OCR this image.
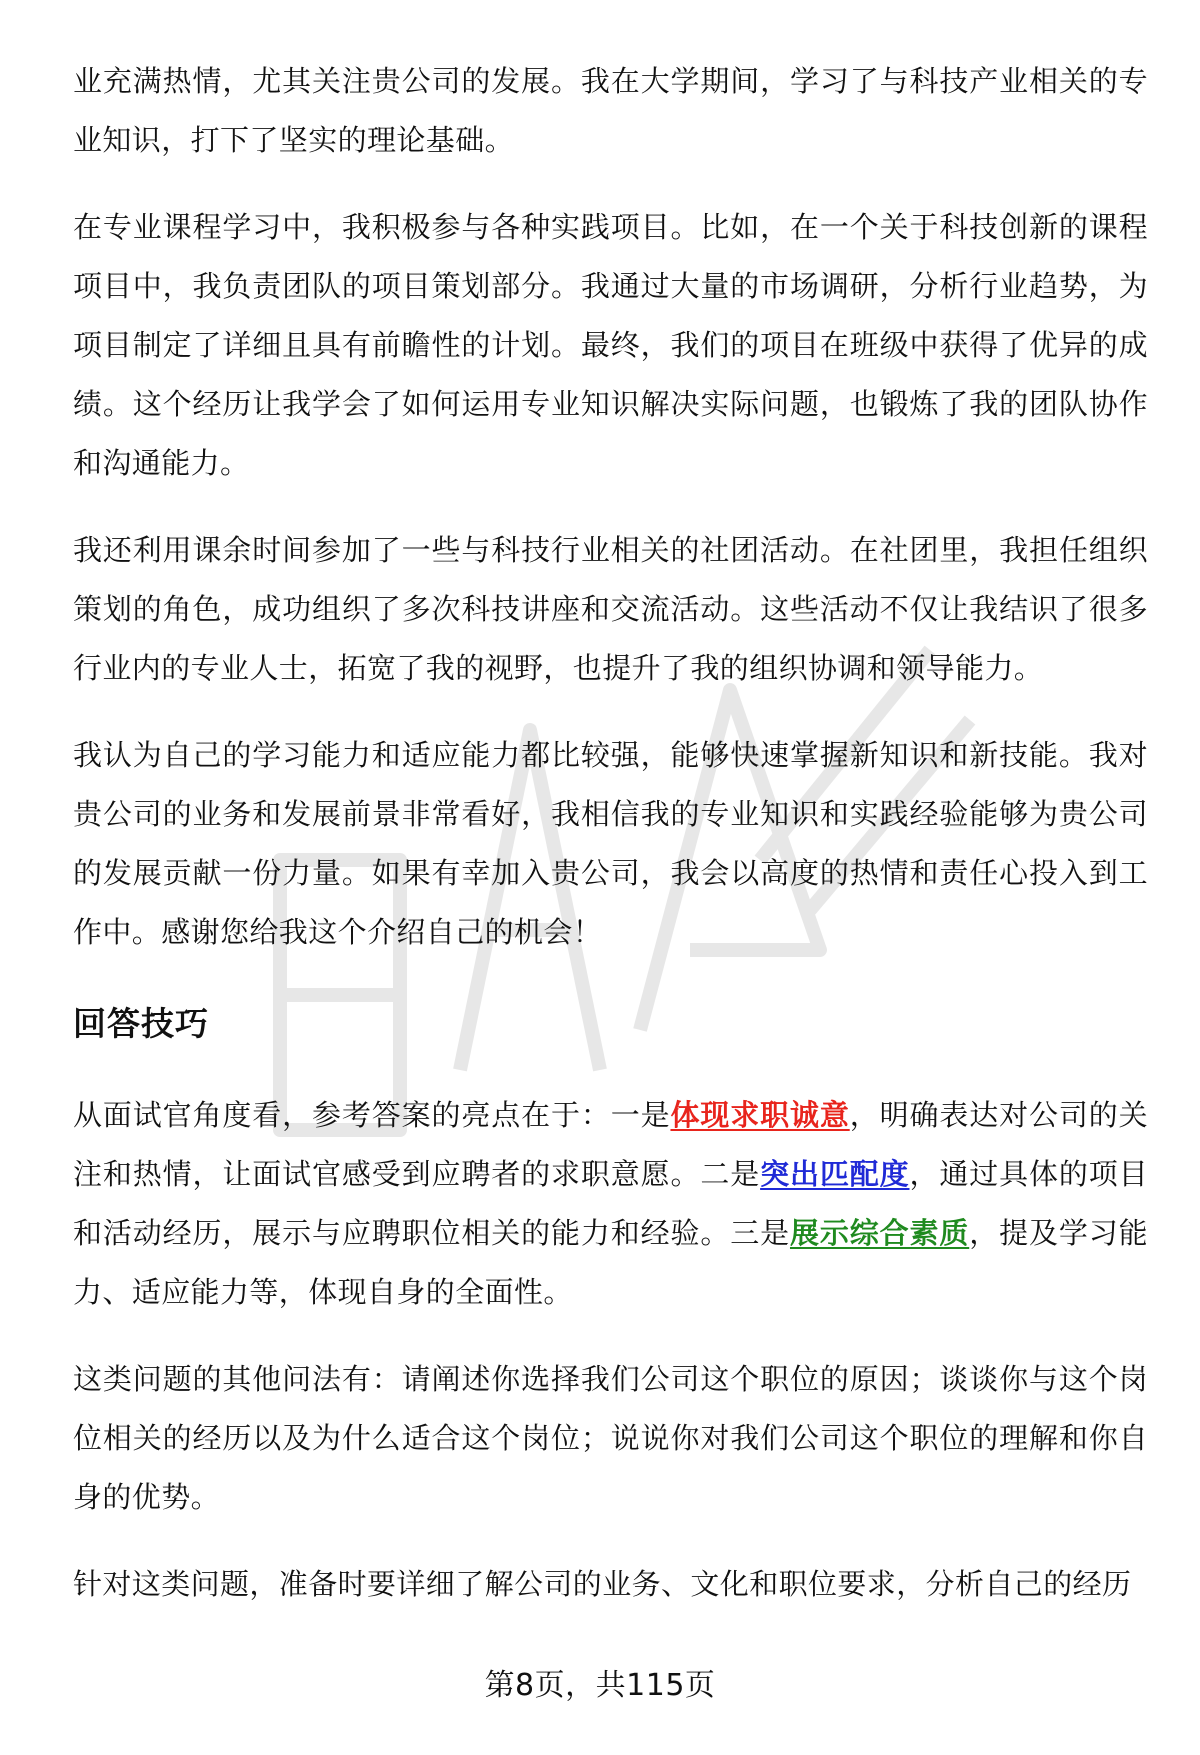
业充满热情，尤其关注贵公司的发展。我在大学期间，学习了与科技产业相关的专业知识，打下了坚实的理论基础。

在专业课程学习中，我积极参与各种实践项目。比如，在一个关于科技创新的课程项目中，我负责团队的项目策划部分。我通过大量的市场调研，分析行业趋势，为项目制定了详细且具有前瞻性的计划。最终，我们的项目在班级中获得了优异的成绩。这个经历让我学会了如何运用专业知识解决实际问题，也锻炼了我的团队协作和沟通能力。

我还利用课余时间参加了一些与科技行业相关的社团活动。在社团里，我担任组织策划的角色，成功组织了多次科技讲座和交流活动。这些活动不仅让我结识了很多行业内的专业人士，拓宽了我的视野，也提升了我的组织协调和领导能力。

我认为自己的学习能力和适应能力都比较强，能够快速掌握新知识和新技能。我对贵公司的业务和发展前景非常看好，我相信我的专业知识和实践经验能够为贵公司的发展贡献一份力量。如果有幸加入贵公司，我会以高度的热情和责任心投入到工作中。感谢您给我这个介绍自己的机会！

回答技巧

从面试官角度看，参考答案的亮点在于：一是体现求职诚意，明确表达对公司的关注和热情，让面试官感受到应聘者的求职意愿。二是突出匹配度，通过具体的项目和活动经历，展示与应聘职位相关的能力和经验。三是展示综合素质，提及学习能力、适应能力等，体现自身的全面性。

这类问题的其他问法有：请阐述你选择我们公司这个职位的原因；谈谈你与这个岗位相关的经历以及为什么适合这个岗位；说说你对我们公司这个职位的理解和你自身的优势。

针对这类问题，准备时要详细了解公司的业务、文化和职位要求，分析自己的经历

第8页，共115页
